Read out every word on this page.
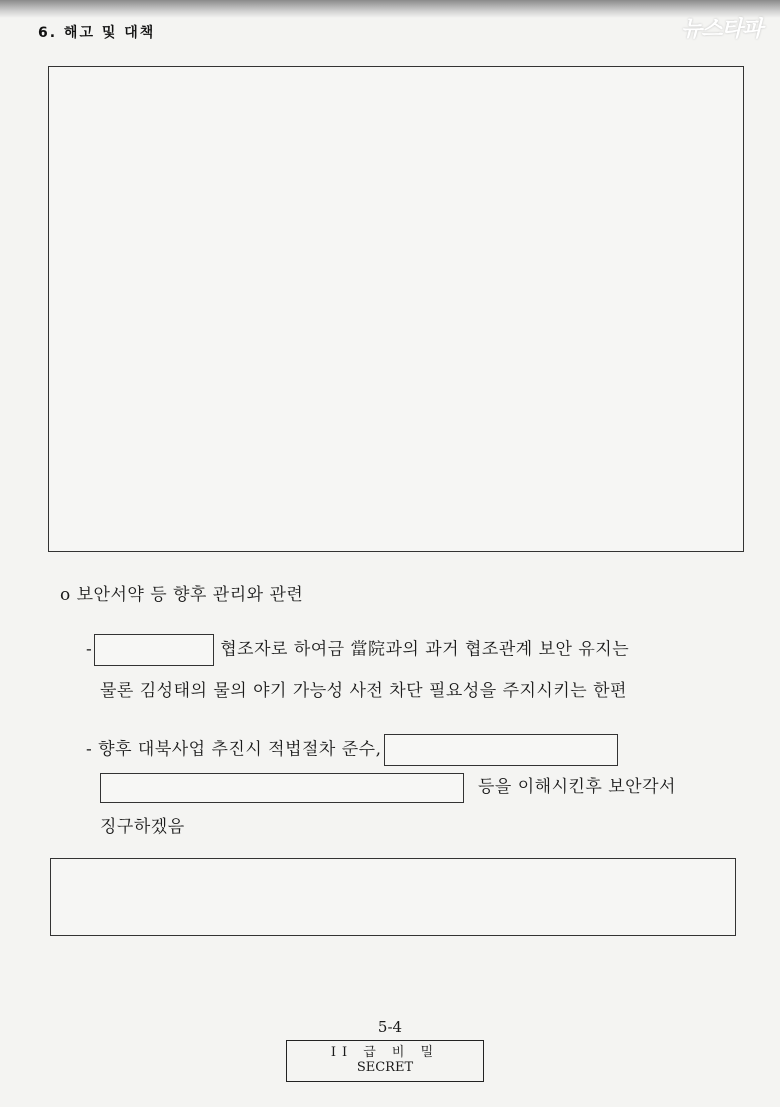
뉴스타파
6. 해고 및 대책
o 보안서약 등 향후 관리와 관련
-	협조자로 하여금 當院과의 과거 협조관계 보안 유지는
물론 김성태의 물의 야기 가능성 사전 차단 필요성을 주지시키는 한편
- 향후 대북사업 추진시 적법절차 준수,
등을 이해시킨후 보안각서
징구하겠음
5-4
II 급 비 밀
SECRET
